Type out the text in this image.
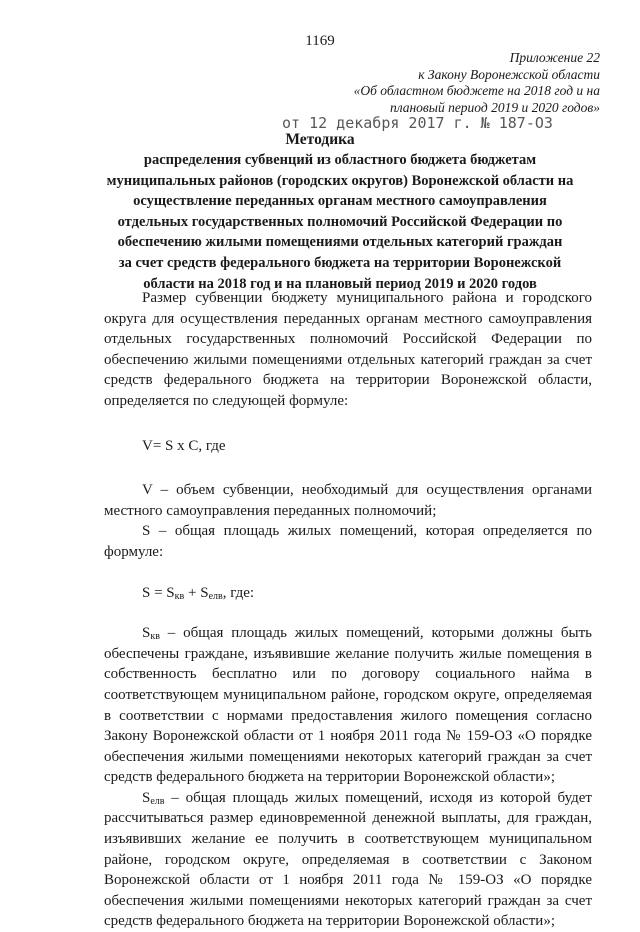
1169
Приложение 22
к Закону Воронежской области
«Об областном бюджете на 2018 год и на
плановый период 2019 и 2020 годов»
от 12 декабря 2017 г. № 187-ОЗ
Методика
распределения субвенций из областного бюджета бюджетам
муниципальных районов (городских округов) Воронежской области на
осуществление переданных органам местного самоуправления
отдельных государственных полномочий Российской Федерации по
обеспечению жилыми помещениями отдельных категорий граждан
за счет средств федерального бюджета на территории Воронежской
области на 2018 год и на плановый период 2019 и 2020 годов

Размер субвенции бюджету муниципального района и городского округа для осуществления переданных органам местного самоуправления отдельных государственных полномочий Российской Федерации по обеспечению жилыми помещениями отдельных категорий граждан за счет средств федерального бюджета на территории Воронежской области, определяется по следующей формуле:

V= S x C, где

V – объем субвенции, необходимый для осуществления органами местного самоуправления переданных полномочий;

S – общая площадь жилых помещений, которая определяется по формуле:

$S = S_{кв} + S_{елв}$, где:

$S_{кв}$ – общая площадь жилых помещений, которыми должны быть обеспечены граждане, изъявившие желание получить жилые помещения в собственность бесплатно или по договору социального найма в соответствующем муниципальном районе, городском округе, определяемая в соответствии с нормами предоставления жилого помещения согласно Закону Воронежской области от 1 ноября 2011 года № 159-ОЗ «О порядке обеспечения жилыми помещениями некоторых категорий граждан за счет средств федерального бюджета на территории Воронежской области»;

$S_{елв}$ – общая площадь жилых помещений, исходя из которой будет рассчитываться размер единовременной денежной выплаты, для граждан, изъявивших желание ее получить в соответствующем муниципальном районе, городском округе, определяемая в соответствии с Законом Воронежской области от 1 ноября 2011 года № 159-ОЗ «О порядке обеспечения жилыми помещениями некоторых категорий граждан за счет средств федерального бюджета на территории Воронежской области»;
